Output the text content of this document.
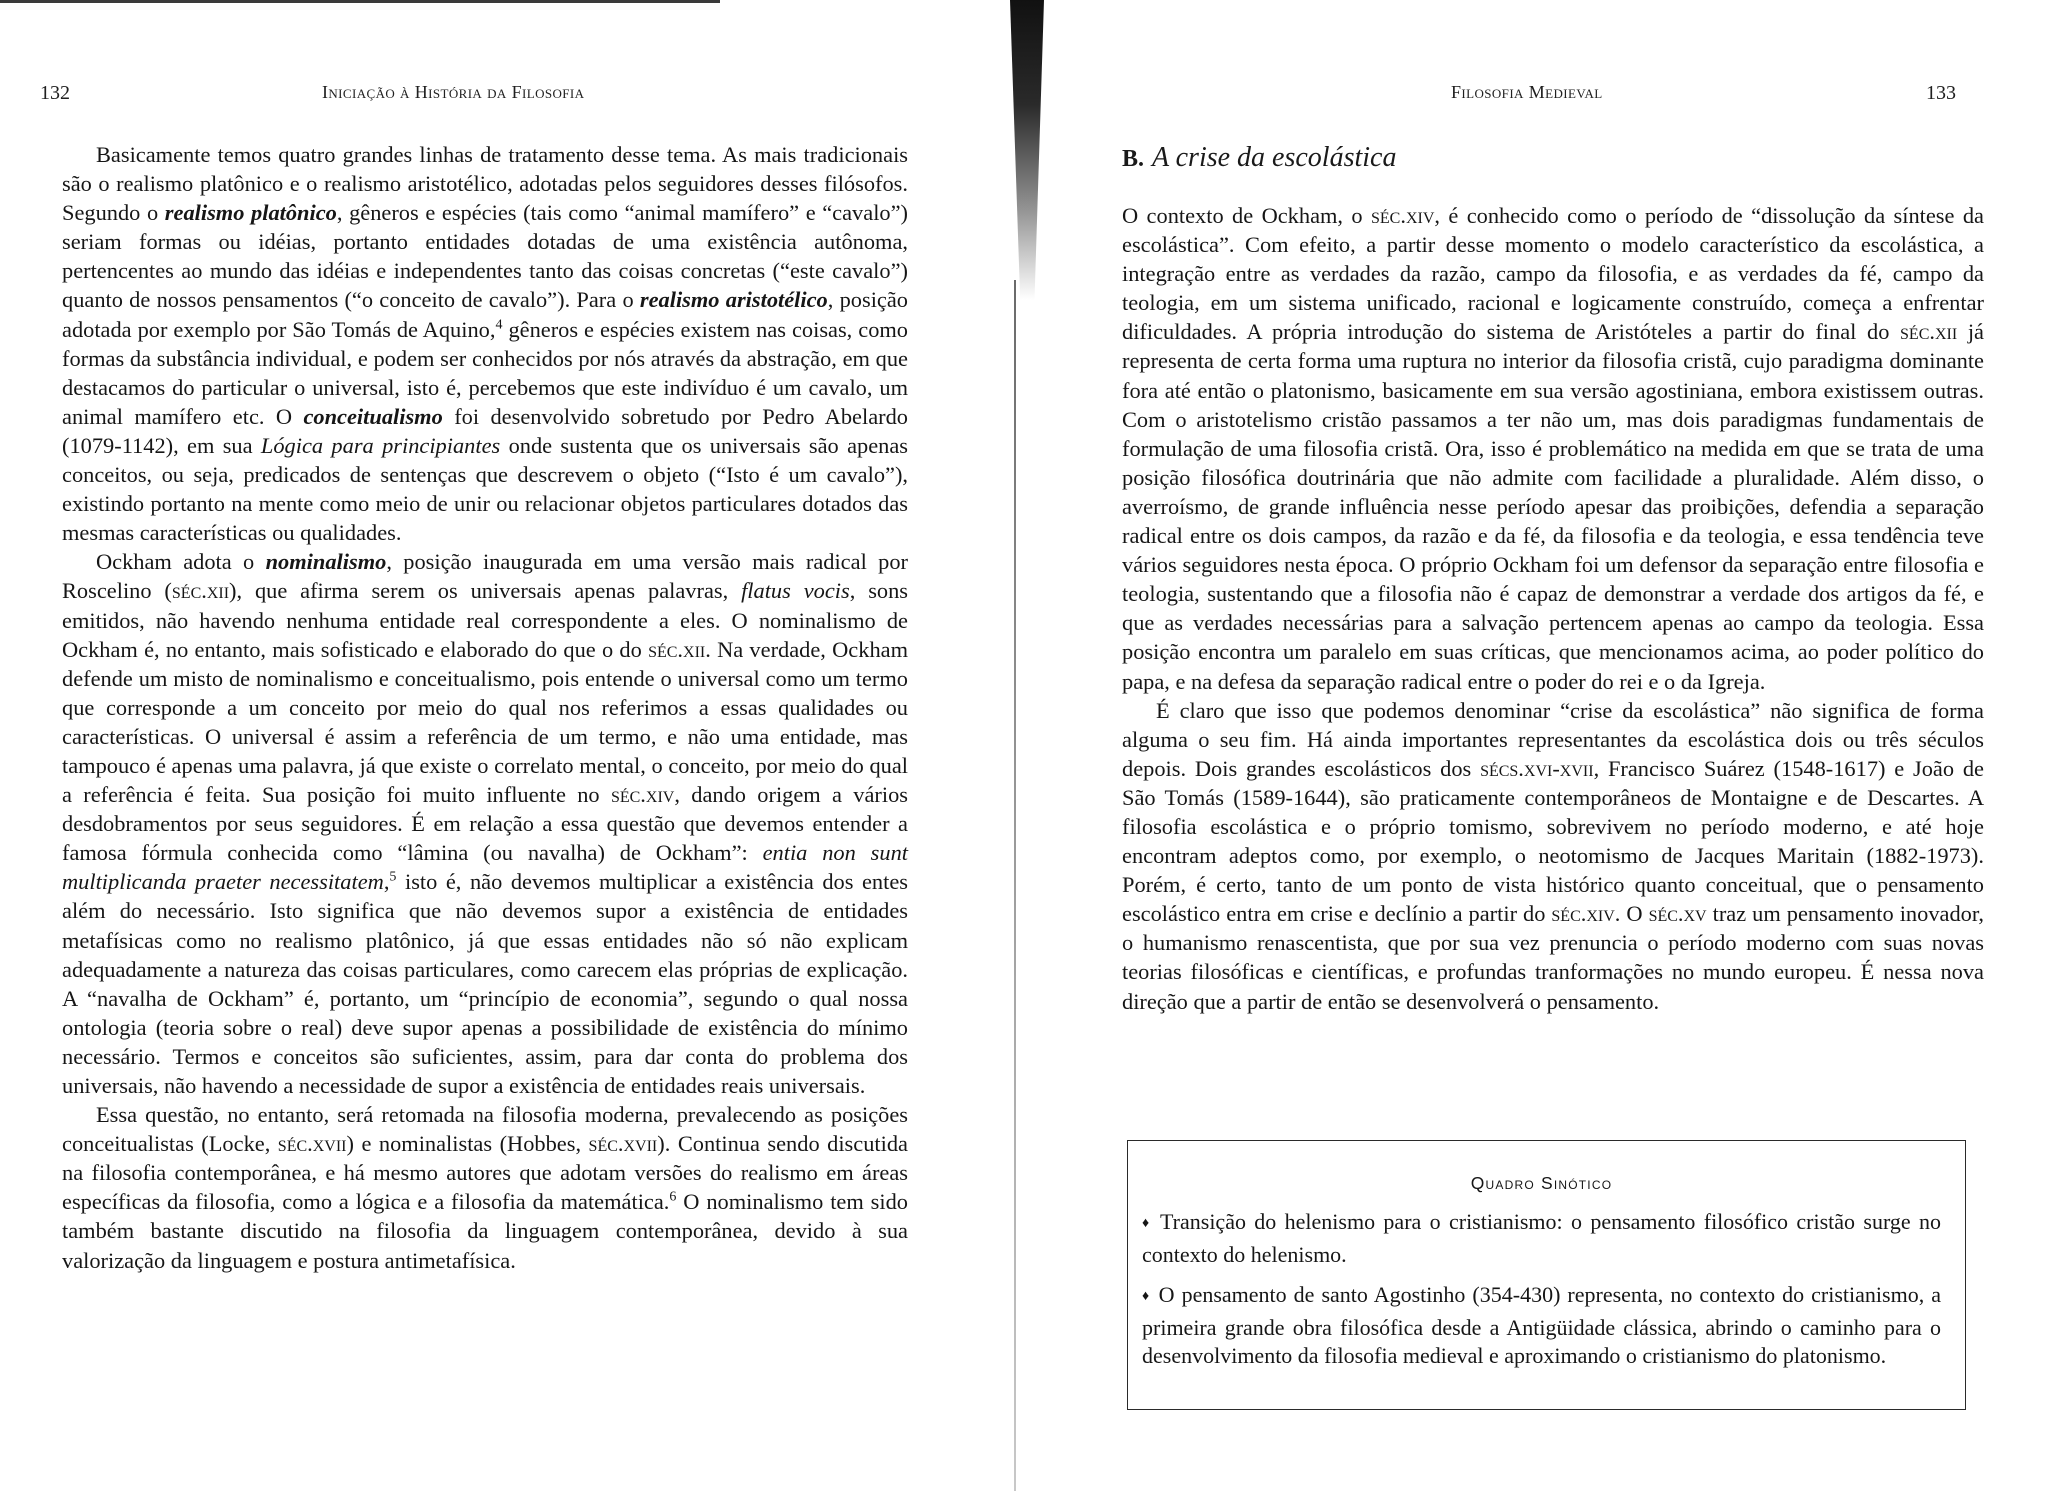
132	Iniciação à História da Filosofia

Basicamente temos quatro grandes linhas de tratamento desse tema. As mais tradicionais são o realismo platônico e o realismo aristotélico, adotadas pelos seguidores desses filósofos. Segundo o realismo platônico, gêneros e espécies (tais como “animal mamífero” e “cavalo”) seriam formas ou idéias, portanto entidades dotadas de uma existência autônoma, pertencentes ao mundo das idéias e independentes tanto das coisas concretas (“este cavalo”) quanto de nossos pensamentos (“o conceito de cavalo”). Para o realismo aristotélico, posição adotada por exemplo por São Tomás de Aquino,$^4$ gêneros e espécies existem nas coisas, como formas da substância individual, e podem ser conhecidos por nós através da abstração, em que destacamos do particular o universal, isto é, percebemos que este indivíduo é um cavalo, um animal mamífero etc. O conceitualismo foi desenvolvido sobretudo por Pedro Abelardo (1079-1142), em sua Lógica para principiantes onde sustenta que os universais são apenas conceitos, ou seja, predicados de sentenças que descrevem o objeto (“Isto é um cavalo”), existindo portanto na mente como meio de unir ou relacionar objetos particulares dotados das mesmas características ou qualidades.

Ockham adota o nominalismo, posição inaugurada em uma versão mais radical por Roscelino (séc.xii), que afirma serem os universais apenas palavras, flatus vocis, sons emitidos, não havendo nenhuma entidade real correspondente a eles. O nominalismo de Ockham é, no entanto, mais sofisticado e elaborado do que o do séc.xii. Na verdade, Ockham defende um misto de nominalismo e conceitualismo, pois entende o universal como um termo que corresponde a um conceito por meio do qual nos referimos a essas qualidades ou características. O universal é assim a referência de um termo, e não uma entidade, mas tampouco é apenas uma palavra, já que existe o correlato mental, o conceito, por meio do qual a referência é feita. Sua posição foi muito influente no séc.xiv, dando origem a vários desdobramentos por seus seguidores. É em relação a essa questão que devemos entender a famosa fórmula conhecida como “lâmina (ou navalha) de Ockham”: entia non sunt multiplicanda praeter necessitatem,$^5$ isto é, não devemos multiplicar a existência dos entes além do necessário. Isto significa que não devemos supor a existência de entidades metafísicas como no realismo platônico, já que essas entidades não só não explicam adequadamente a natureza das coisas particulares, como carecem elas próprias de explicação. A “navalha de Ockham” é, portanto, um “princípio de economia”, segundo o qual nossa ontologia (teoria sobre o real) deve supor apenas a possibilidade de existência do mínimo necessário. Termos e conceitos são suficientes, assim, para dar conta do problema dos universais, não havendo a necessidade de supor a existência de entidades reais universais.

Essa questão, no entanto, será retomada na filosofia moderna, prevalecendo as posições conceitualistas (Locke, séc.xvii) e nominalistas (Hobbes, séc.xvii). Continua sendo discutida na filosofia contemporânea, e há mesmo autores que adotam versões do realismo em áreas específicas da filosofia, como a lógica e a filosofia da matemática.$^6$ O nominalismo tem sido também bastante discutido na filosofia da linguagem contemporânea, devido à sua valorização da linguagem e postura antimetafísica.

Filosofia Medieval	133
B. A crise da escolástica

O contexto de Ockham, o séc.xiv, é conhecido como o período de “dissolução da síntese da escolástica”. Com efeito, a partir desse momento o modelo característico da escolástica, a integração entre as verdades da razão, campo da filosofia, e as verdades da fé, campo da teologia, em um sistema unificado, racional e logicamente construído, começa a enfrentar dificuldades. A própria introdução do sistema de Aristóteles a partir do final do séc.xii já representa de certa forma uma ruptura no interior da filosofia cristã, cujo paradigma dominante fora até então o platonismo, basicamente em sua versão agostiniana, embora existissem outras. Com o aristotelismo cristão passamos a ter não um, mas dois paradigmas fundamentais de formulação de uma filosofia cristã. Ora, isso é problemático na medida em que se trata de uma posição filosófica doutrinária que não admite com facilidade a pluralidade. Além disso, o averroísmo, de grande influência nesse período apesar das proibições, defendia a separação radical entre os dois campos, da razão e da fé, da filosofia e da teologia, e essa tendência teve vários seguidores nesta época. O próprio Ockham foi um defensor da separação entre filosofia e teologia, sustentando que a filosofia não é capaz de demonstrar a verdade dos artigos da fé, e que as verdades necessárias para a salvação pertencem apenas ao campo da teologia. Essa posição encontra um paralelo em suas críticas, que mencionamos acima, ao poder político do papa, e na defesa da separação radical entre o poder do rei e o da Igreja.

É claro que isso que podemos denominar “crise da escolástica” não significa de forma alguma o seu fim. Há ainda importantes representantes da escolástica dois ou três séculos depois. Dois grandes escolásticos dos sécs.xvi-xvii, Francisco Suárez (1548-1617) e João de São Tomás (1589-1644), são praticamente contemporâneos de Montaigne e de Descartes. A filosofia escolástica e o próprio tomismo, sobrevivem no período moderno, e até hoje encontram adeptos como, por exemplo, o neotomismo de Jacques Maritain (1882-1973). Porém, é certo, tanto de um ponto de vista histórico quanto conceitual, que o pensamento escolástico entra em crise e declínio a partir do séc.xiv. O séc.xv traz um pensamento inovador, o humanismo renascentista, que por sua vez prenuncia o período moderno com suas novas teorias filosóficas e científicas, e profundas tranformações no mundo europeu. É nessa nova direção que a partir de então se desenvolverá o pensamento.

Quadro Sinótico
♦ Transição do helenismo para o cristianismo: o pensamento filosófico cristão surge no contexto do helenismo.
♦ O pensamento de santo Agostinho (354-430) representa, no contexto do cristianismo, a primeira grande obra filosófica desde a Antigüidade clássica, abrindo o caminho para o desenvolvimento da filosofia medieval e aproximando o cristianismo do platonismo.
